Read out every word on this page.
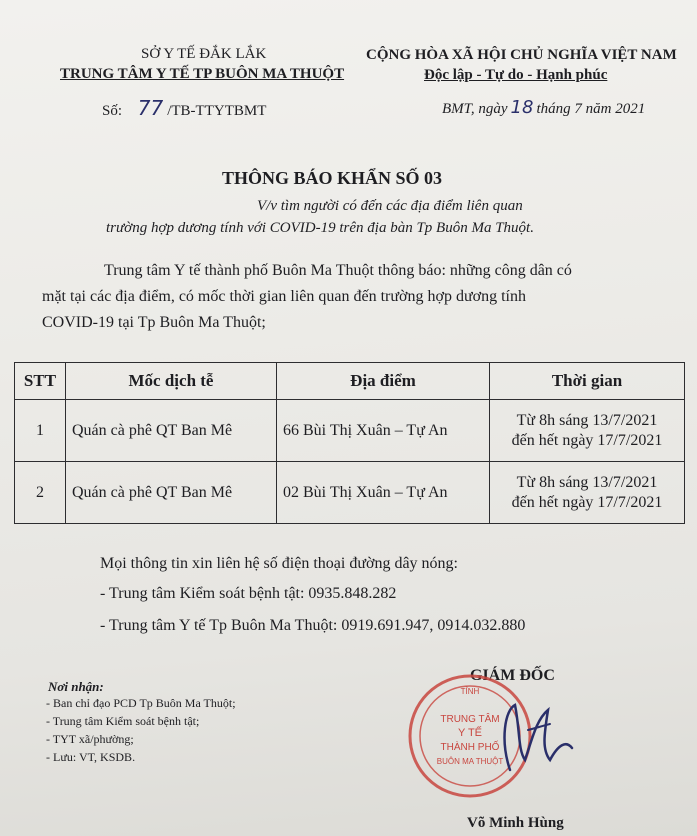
SỞ Y TẾ ĐẮK LẮK
TRUNG TÂM Y TẾ TP BUÔN MA THUỘT
Số: 77 /TB-TTYTBMT
CỘNG HÒA XÃ HỘI CHỦ NGHĨA VIỆT NAM
Độc lập - Tự do - Hạnh phúc
BMT, ngày 18 tháng 7 năm 2021
THÔNG BÁO KHẨN SỐ 03
V/v tìm người có đến các địa điểm liên quan
trường hợp dương tính với COVID-19 trên địa bàn Tp Buôn Ma Thuột.
Trung tâm Y tế thành phố Buôn Ma Thuột thông báo: những công dân có
mặt tại các địa điểm, có mốc thời gian liên quan đến trường hợp dương tính
COVID-19 tại Tp Buôn Ma Thuột;
STT	Mốc dịch tễ	Địa điểm	Thời gian
1	Quán cà phê QT Ban Mê	66 Bùi Thị Xuân – Tự An	Từ 8h sáng 13/7/2021
đến hết ngày 17/7/2021
2	Quán cà phê QT Ban Mê	02 Bùi Thị Xuân – Tự An	Từ 8h sáng 13/7/2021
đến hết ngày 17/7/2021
Mọi thông tin xin liên hệ số điện thoại đường dây nóng:
- Trung tâm Kiểm soát bệnh tật: 0935.848.282
- Trung tâm Y tế Tp Buôn Ma Thuột: 0919.691.947, 0914.032.880
Nơi nhận:
- Ban chỉ đạo PCD Tp Buôn Ma Thuột;
- Trung tâm Kiểm soát bệnh tật;
- TYT xã/phường;
- Lưu: VT, KSDB.
GIÁM ĐỐC
TỈNH
TRUNG TÂM
Y TẾ
THÀNH PHỐ
BUÔN MA THUỘT
Võ Minh Hùng
